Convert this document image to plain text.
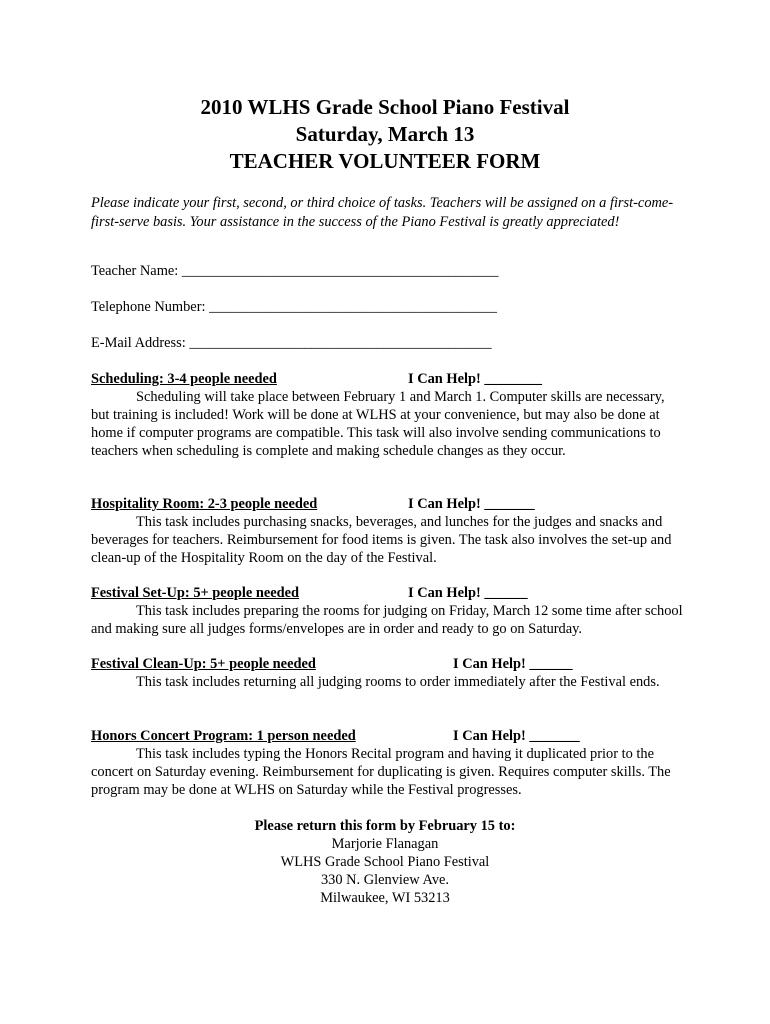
2010 WLHS Grade School Piano Festival
Saturday, March 13
TEACHER VOLUNTEER FORM
Please indicate your first, second, or third choice of tasks. Teachers will be assigned on a first-come-first-serve basis. Your assistance in the success of the Piano Festival is greatly appreciated!
Teacher Name: ____________________________________________
Telephone Number: ________________________________________
E-Mail Address: __________________________________________
Scheduling: 3-4 people needed	I Can Help! ________
Scheduling will take place between February 1 and March 1. Computer skills are necessary, but training is included! Work will be done at WLHS at your convenience, but may also be done at home if computer programs are compatible. This task will also involve sending communications to teachers when scheduling is complete and making schedule changes as they occur.
Hospitality Room: 2-3 people needed	I Can Help! _______
This task includes purchasing snacks, beverages, and lunches for the judges and snacks and beverages for teachers. Reimbursement for food items is given. The task also involves the set-up and clean-up of the Hospitality Room on the day of the Festival.
Festival Set-Up: 5+ people needed	I Can Help! ______
This task includes preparing the rooms for judging on Friday, March 12 some time after school and making sure all judges forms/envelopes are in order and ready to go on Saturday.
Festival Clean-Up: 5+ people needed	I Can Help! ______
This task includes returning all judging rooms to order immediately after the Festival ends.
Honors Concert Program: 1 person needed	I Can Help! _______
This task includes typing the Honors Recital program and having it duplicated prior to the concert on Saturday evening. Reimbursement for duplicating is given. Requires computer skills. The program may be done at WLHS on Saturday while the Festival progresses.
Please return this form by February 15 to:
Marjorie Flanagan
WLHS Grade School Piano Festival
330 N. Glenview Ave.
Milwaukee, WI 53213
